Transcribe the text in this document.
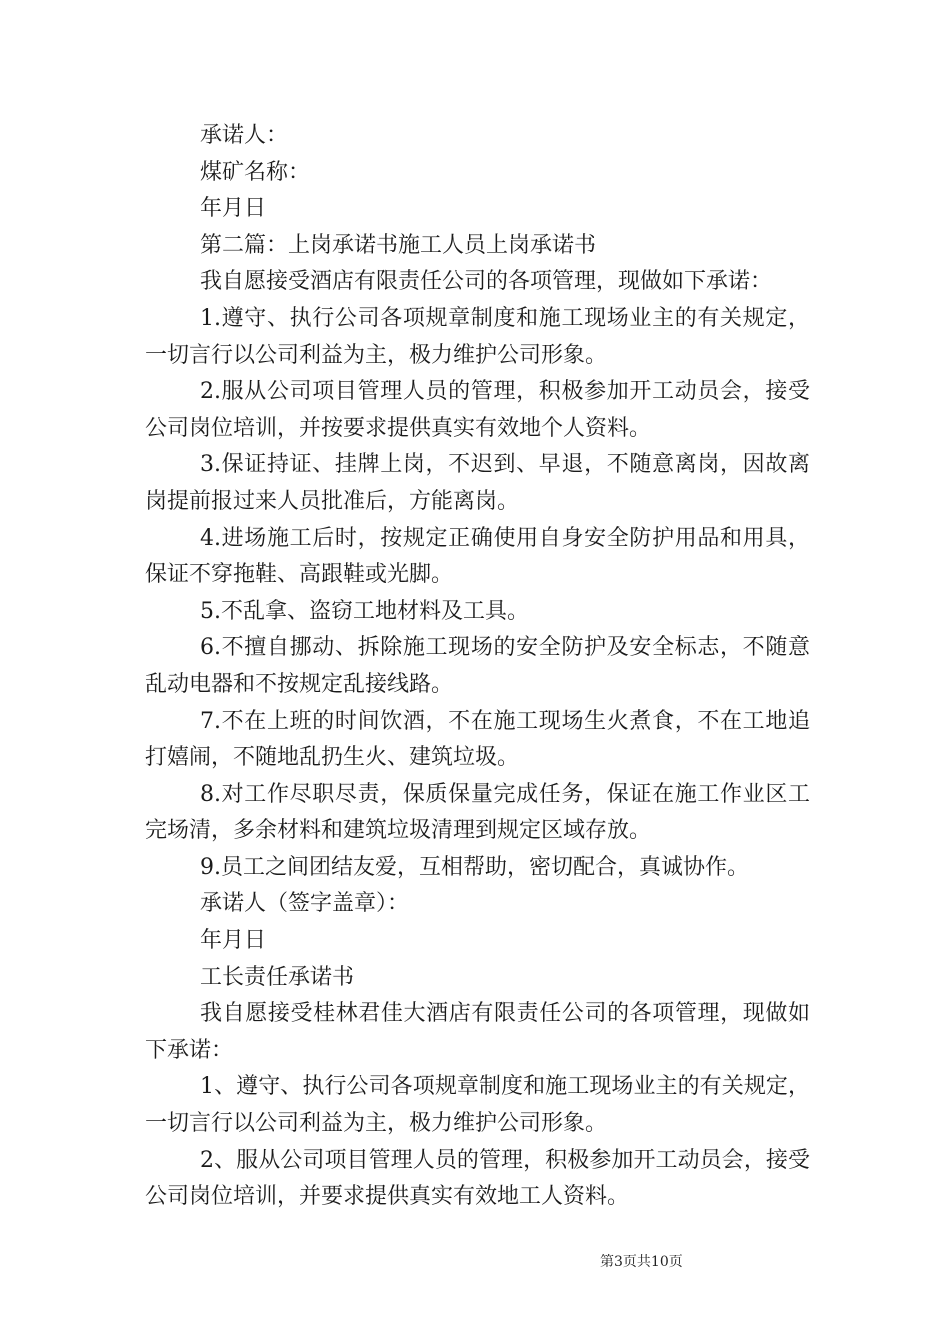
承诺人：

煤矿名称：

年月日

第二篇：上岗承诺书施工人员上岗承诺书

我自愿接受酒店有限责任公司的各项管理，现做如下承诺：

1.遵守、执行公司各项规章制度和施工现场业主的有关规定，一切言行以公司利益为主，极力维护公司形象。

2.服从公司项目管理人员的管理，积极参加开工动员会，接受公司岗位培训，并按要求提供真实有效地个人资料。

3.保证持证、挂牌上岗，不迟到、早退，不随意离岗，因故离岗提前报过来人员批准后，方能离岗。

4.进场施工后时，按规定正确使用自身安全防护用品和用具，保证不穿拖鞋、高跟鞋或光脚。

5.不乱拿、盗窃工地材料及工具。

6.不擅自挪动、拆除施工现场的安全防护及安全标志，不随意乱动电器和不按规定乱接线路。

7.不在上班的时间饮酒，不在施工现场生火煮食，不在工地追打嬉闹，不随地乱扔生火、建筑垃圾。

8.对工作尽职尽责，保质保量完成任务，保证在施工作业区工完场清，多余材料和建筑垃圾清理到规定区域存放。

9.员工之间团结友爱，互相帮助，密切配合，真诚协作。

承诺人（签字盖章）：

年月日

工长责任承诺书

我自愿接受桂林君佳大酒店有限责任公司的各项管理，现做如下承诺：

1、遵守、执行公司各项规章制度和施工现场业主的有关规定，一切言行以公司利益为主，极力维护公司形象。

2、服从公司项目管理人员的管理，积极参加开工动员会，接受公司岗位培训，并要求提供真实有效地工人资料。

第3页共10页
